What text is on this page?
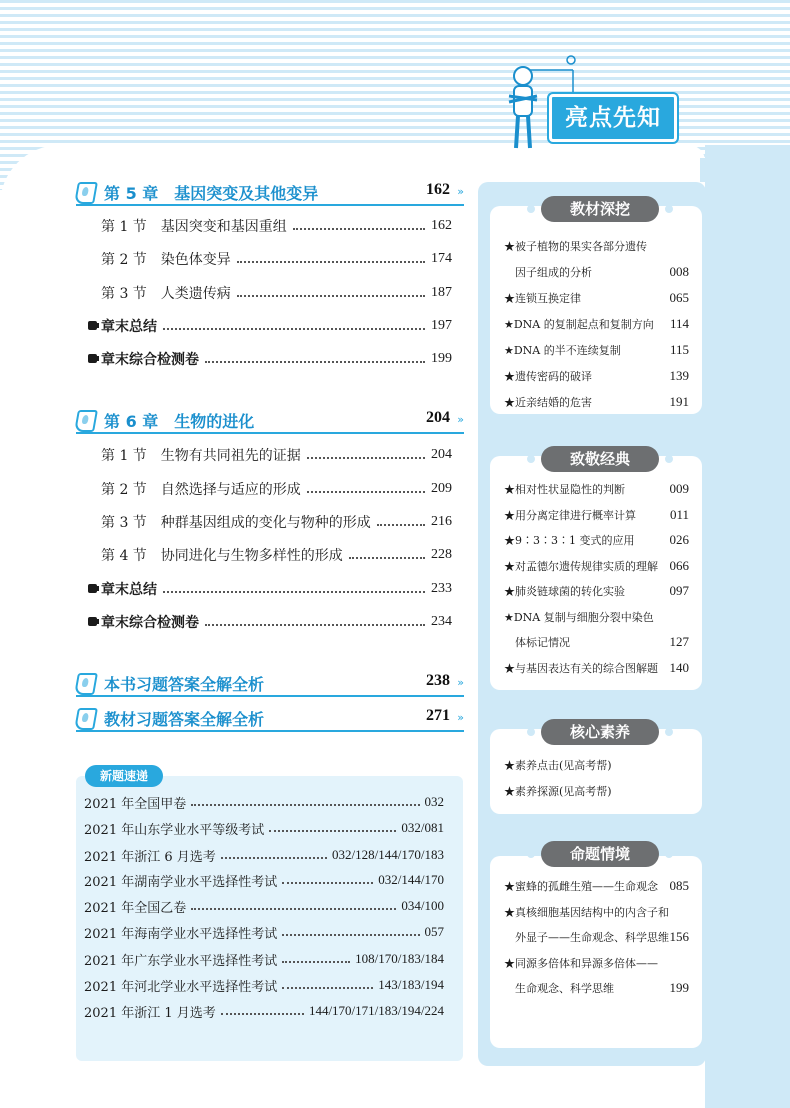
亮点先知
第 5 章　基因突变及其他变异	162 »
第 1 节　基因突变和基因重组	162
第 2 节　染色体变异	174
第 3 节　人类遗传病	187
章末总结	197
章末综合检测卷	199
第 6 章　生物的进化	204 »
第 1 节　生物有共同祖先的证据	204
第 2 节　自然选择与适应的形成	209
第 3 节　种群基因组成的变化与物种的形成	216
第 4 节　协同进化与生物多样性的形成	228
章末总结	233
章末综合检测卷	234
本书习题答案全解全析	238 »
教材习题答案全解全析	271 »
新题速递
2021 年全国甲卷	032
2021 年山东学业水平等级考试	032/081
2021 年浙江 6 月选考	032/128/144/170/183
2021 年湖南学业水平选择性考试	032/144/170
2021 年全国乙卷	034/100
2021 年海南学业水平选择性考试	057
2021 年广东学业水平选择性考试	108/170/183/184
2021 年河北学业水平选择性考试	143/183/194
2021 年浙江 1 月选考	144/170/171/183/194/224
教材深挖
致敬经典
核心素养
命题情境
★被子植物的果实各部分遗传
　因子组成的分析	008
★连锁互换定律	065
★DNA 的复制起点和复制方向	114
★DNA 的半不连续复制	115
★遗传密码的破译	139
★近亲结婚的危害	191
★相对性状显隐性的判断	009
★用分离定律进行概率计算	011
★9∶3∶3∶1 变式的应用	026
★对孟德尔遗传规律实质的理解 066
★肺炎链球菌的转化实验	097
★DNA 复制与细胞分裂中染色
　体标记情况	127
★与基因表达有关的综合图解题 140
★素养点击(见高考帮)
★素养探源(见高考帮)
★蜜蜂的孤雌生殖——生命观念 085
★真核细胞基因结构中的内含子和
　外显子——生命观念、科学思维 156
★同源多倍体和异源多倍体——
　生命观念、科学思维	199
